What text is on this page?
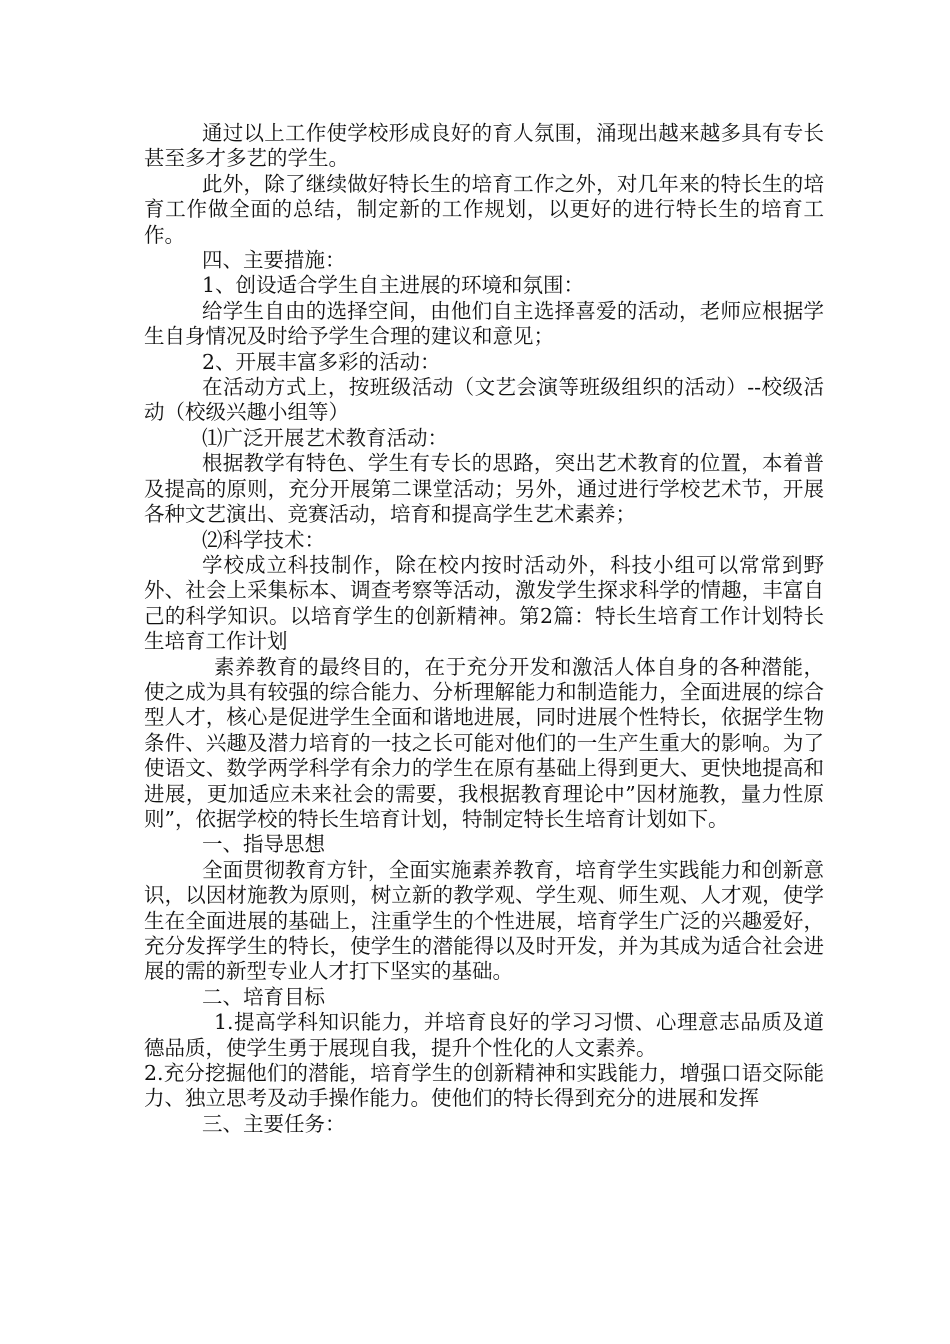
通过以上工作使学校形成良好的育人氛围，涌现出越来越多具有专长甚至多才多艺的学生。

此外，除了继续做好特长生的培育工作之外，对几年来的特长生的培育工作做全面的总结，制定新的工作规划，以更好的进行特长生的培育工作。

四、主要措施：

1、创设适合学生自主进展的环境和氛围：

给学生自由的选择空间，由他们自主选择喜爱的活动，老师应根据学生自身情况及时给予学生合理的建议和意见；

2、开展丰富多彩的活动：

在活动方式上，按班级活动（文艺会演等班级组织的活动）--校级活动（校级兴趣小组等）

⑴广泛开展艺术教育活动：

根据教学有特色、学生有专长的思路，突出艺术教育的位置，本着普及提高的原则，充分开展第二课堂活动；另外，通过进行学校艺术节，开展各种文艺演出、竞赛活动，培育和提高学生艺术素养；

⑵科学技术：

学校成立科技制作，除在校内按时活动外，科技小组可以常常到野外、社会上采集标本、调查考察等活动，激发学生探求科学的情趣，丰富自己的科学知识。以培育学生的创新精神。第2篇：特长生培育工作计划特长生培育工作计划

素养教育的最终目的，在于充分开发和激活人体自身的各种潜能，使之成为具有较强的综合能力、分析理解能力和制造能力，全面进展的综合型人才，核心是促进学生全面和谐地进展，同时进展个性特长，依据学生物条件、兴趣及潜力培育的一技之长可能对他们的一生产生重大的影响。为了使语文、数学两学科学有余力的学生在原有基础上得到更大、更快地提高和进展，更加适应未来社会的需要，我根据教育理论中”因材施教，量力性原则”，依据学校的特长生培育计划，特制定特长生培育计划如下。

一、指导思想

全面贯彻教育方针，全面实施素养教育，培育学生实践能力和创新意识，以因材施教为原则，树立新的教学观、学生观、师生观、人才观，使学生在全面进展的基础上，注重学生的个性进展，培育学生广泛的兴趣爱好，充分发挥学生的特长，使学生的潜能得以及时开发，并为其成为适合社会进展的需的新型专业人才打下坚实的基础。

二、培育目标

1.提高学科知识能力，并培育良好的学习习惯、心理意志品质及道德品质，使学生勇于展现自我，提升个性化的人文素养。

2.充分挖掘他们的潜能，培育学生的创新精神和实践能力，增强口语交际能力、独立思考及动手操作能力。使他们的特长得到充分的进展和发挥

三、主要任务：
